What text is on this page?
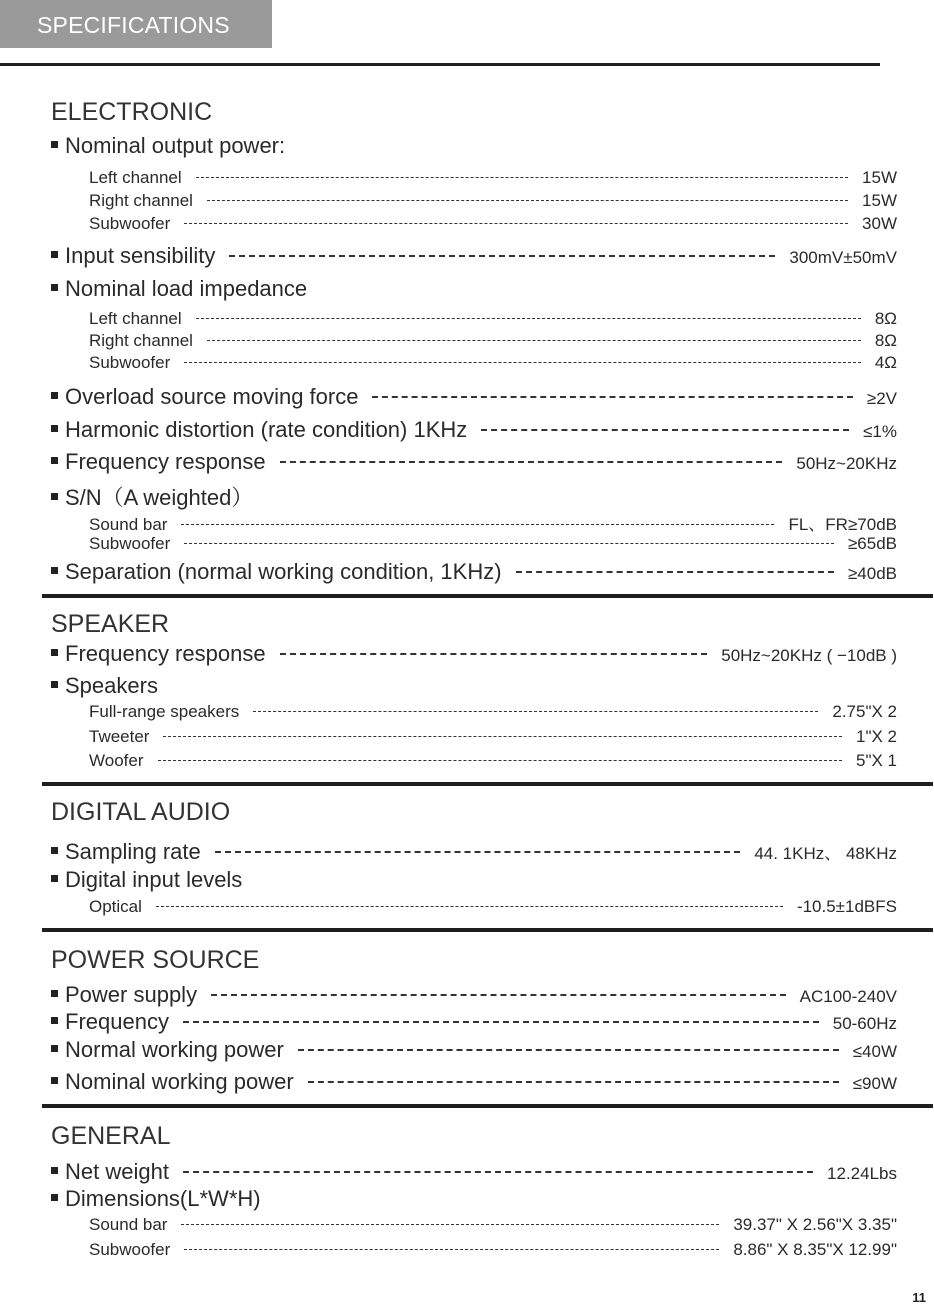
SPECIFICATIONS
ELECTRONIC
Nominal output power:
Left channel	15W
Right channel	15W
Subwoofer	30W
Input sensibility	300mV±50mV
Nominal load impedance
Left channel	8Ω
Right channel	8Ω
Subwoofer	4Ω
Overload source moving force	≥2V
Harmonic distortion (rate condition) 1KHz	≤1%
Frequency response	50Hz~20KHz
S/N（A weighted）
Sound bar	FL、FR≥70dB
Subwoofer	≥65dB
Separation (normal working condition, 1KHz)	≥40dB
SPEAKER
Frequency response	50Hz~20KHz ( −10dB )
Speakers
Full-range speakers	2.75"X 2
Tweeter	1"X 2
Woofer	5"X 1
DIGITAL AUDIO
Sampling rate	44. 1KHz、 48KHz
Digital input levels
Optical	-10.5±1dBFS
POWER SOURCE
Power supply	AC100-240V
Frequency	50-60Hz
Normal working power	≤40W
Nominal working power	≤90W
GENERAL
Net weight	12.24Lbs
Dimensions(L*W*H)
Sound bar	39.37" X 2.56"X 3.35"
Subwoofer	8.86" X 8.35"X 12.99"
11
